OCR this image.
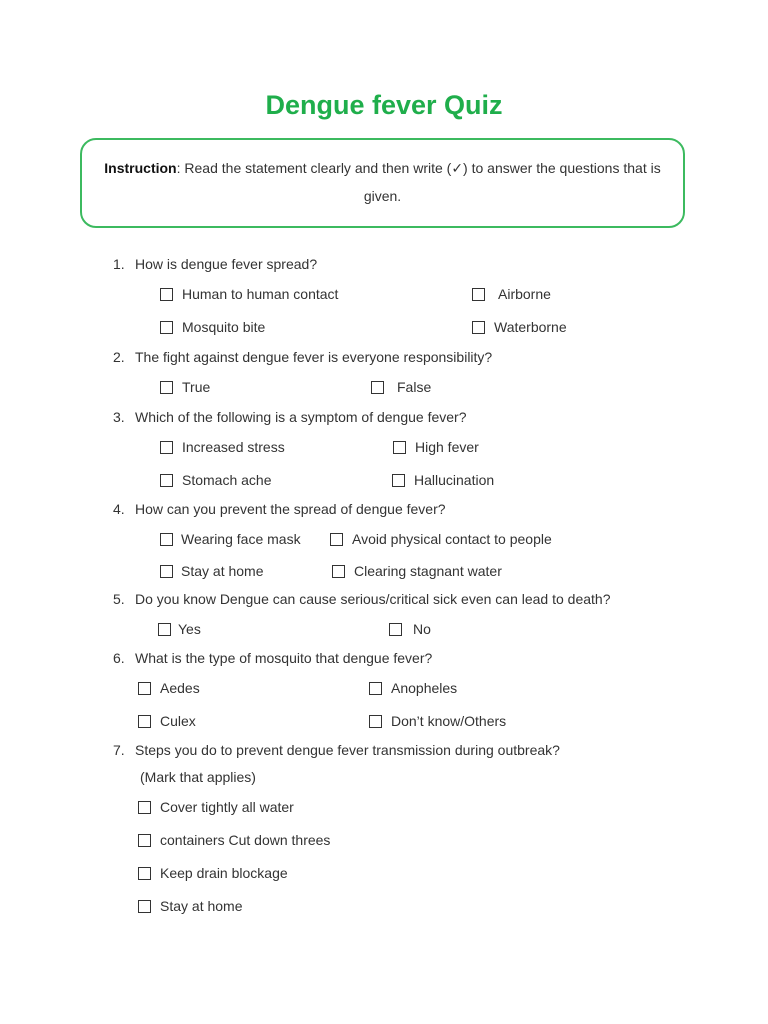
Dengue fever Quiz
Instruction: Read the statement clearly and then write (✓) to answer the questions that is given.
1. How is dengue fever spread?
Human to human contact	Airborne
Mosquito bite	Waterborne
2. The fight against dengue fever is everyone responsibility?
True	False
3. Which of the following is a symptom of dengue fever?
Increased stress	High fever
Stomach ache	Hallucination
4. How can you prevent the spread of dengue fever?
Wearing face mask	Avoid physical contact to people
Stay at home	Clearing stagnant water
5. Do you know Dengue can cause serious/critical sick even can lead to death?
Yes	No
6. What is the type of mosquito that dengue fever?
Aedes	Anopheles
Culex	Don’t know/Others
7. Steps you do to prevent dengue fever transmission during outbreak?
(Mark that applies)
Cover tightly all water
containers Cut down threes
Keep drain blockage
Stay at home
